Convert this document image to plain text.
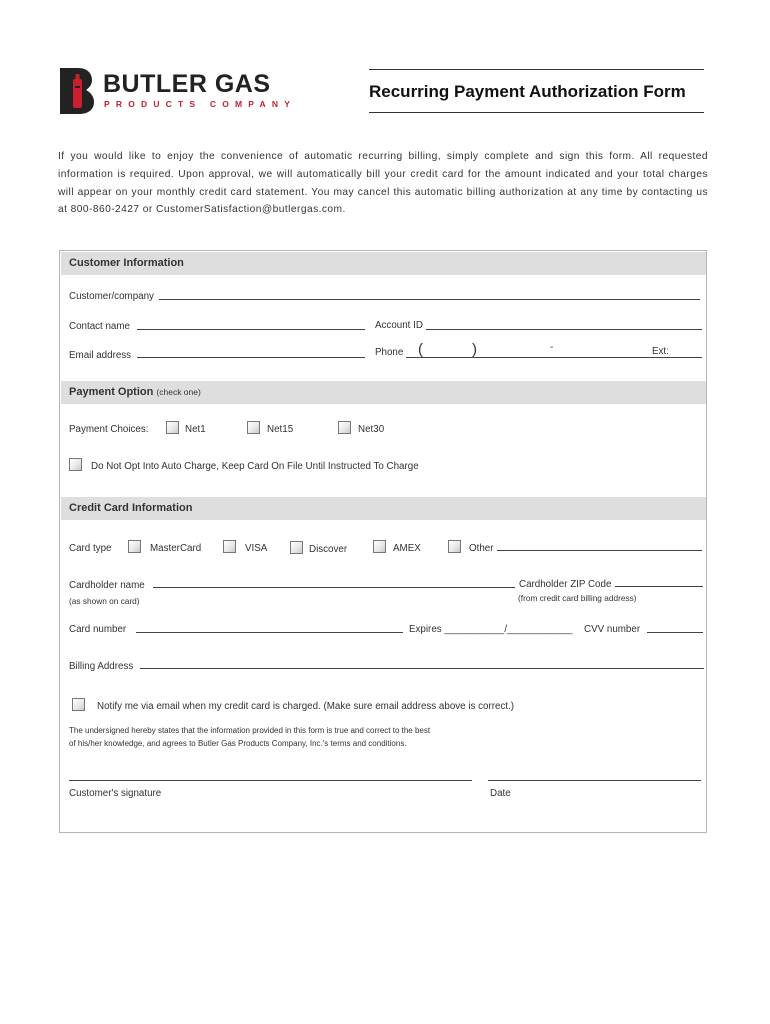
BUTLER GAS
PRODUCTS COMPANY
Recurring Payment Authorization Form
If you would like to enjoy the convenience of automatic recurring billing, simply complete and sign this form. All requested information is required. Upon approval, we will automatically bill your credit card for the amount indicated and your total charges will appear on your monthly credit card statement. You may cancel this automatic billing authorization at any time by contacting us at 800-860-2427 or CustomerSatisfaction@butlergas.com.
Customer Information
Customer/company
Contact name	Account ID
Email address	Phone (	)	-	Ext:
Payment Option (check one)
Payment Choices:	Net1	Net15	Net30
Do Not Opt Into Auto Charge, Keep Card On File Until Instructed To Charge
Credit Card Information
Card type	MasterCard	VISA	Discover	AMEX	Other
Cardholder name
(as shown on card)
Cardholder ZIP Code
(from credit card billing address)
Card number	Expires ___________/____________ CVV number
Billing Address
Notify me via email when my credit card is charged. (Make sure email address above is correct.)
The undersigned hereby states that the information provided in this form is true and correct to the best
of his/her knowledge, and agrees to Butler Gas Products Company, Inc.'s terms and conditions.
Customer's signature	Date
